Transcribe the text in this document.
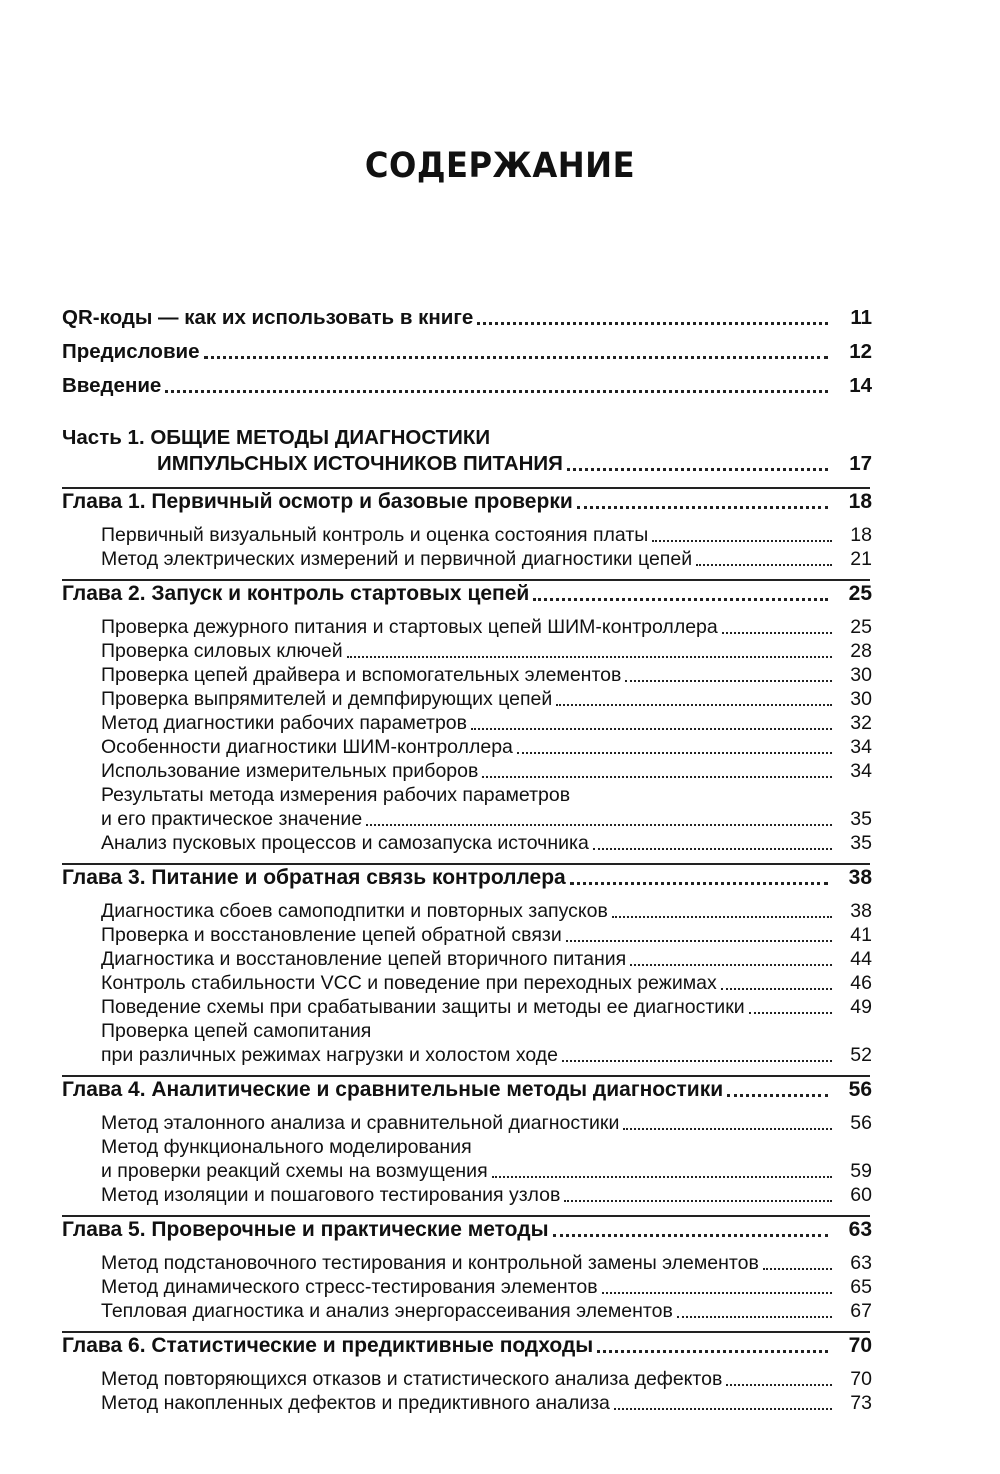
СОДЕРЖАНИЕ
QR-коды — как их использовать в книге	11
Предисловие	12
Введение	14
Часть 1. ОБЩИЕ МЕТОДЫ ДИАГНОСТИКИ
ИМПУЛЬСНЫХ ИСТОЧНИКОВ ПИТАНИЯ	17
Глава 1. Первичный осмотр и базовые проверки	18
Первичный визуальный контроль и оценка состояния платы	18
Метод электрических измерений и первичной диагностики цепей	21
Глава 2. Запуск и контроль стартовых цепей	25
Проверка дежурного питания и стартовых цепей ШИМ-контроллера	25
Проверка силовых ключей	28
Проверка цепей драйвера и вспомогательных элементов	30
Проверка выпрямителей и демпфирующих цепей	30
Метод диагностики рабочих параметров	32
Особенности диагностики ШИМ-контроллера	34
Использование измерительных приборов	34
Результаты метода измерения рабочих параметров
и его практическое значение	35
Анализ пусковых процессов и самозапуска источника	35
Глава 3. Питание и обратная связь контроллера	38
Диагностика сбоев самоподпитки и повторных запусков	38
Проверка и восстановление цепей обратной связи	41
Диагностика и восстановление цепей вторичного питания	44
Контроль стабильности VCC и поведение при переходных режимах	46
Поведение схемы при срабатывании защиты и методы ее диагностики	49
Проверка цепей самопитания
при различных режимах нагрузки и холостом ходе	52
Глава 4. Аналитические и сравнительные методы диагностики	56
Метод эталонного анализа и сравнительной диагностики	56
Метод функционального моделирования
и проверки реакций схемы на возмущения	59
Метод изоляции и пошагового тестирования узлов	60
Глава 5. Проверочные и практические методы	63
Метод подстановочного тестирования и контрольной замены элементов	63
Метод динамического стресс-тестирования элементов	65
Тепловая диагностика и анализ энергорассеивания элементов	67
Глава 6. Статистические и предиктивные подходы	70
Метод повторяющихся отказов и статистического анализа дефектов	70
Метод накопленных дефектов и предиктивного анализа	73
